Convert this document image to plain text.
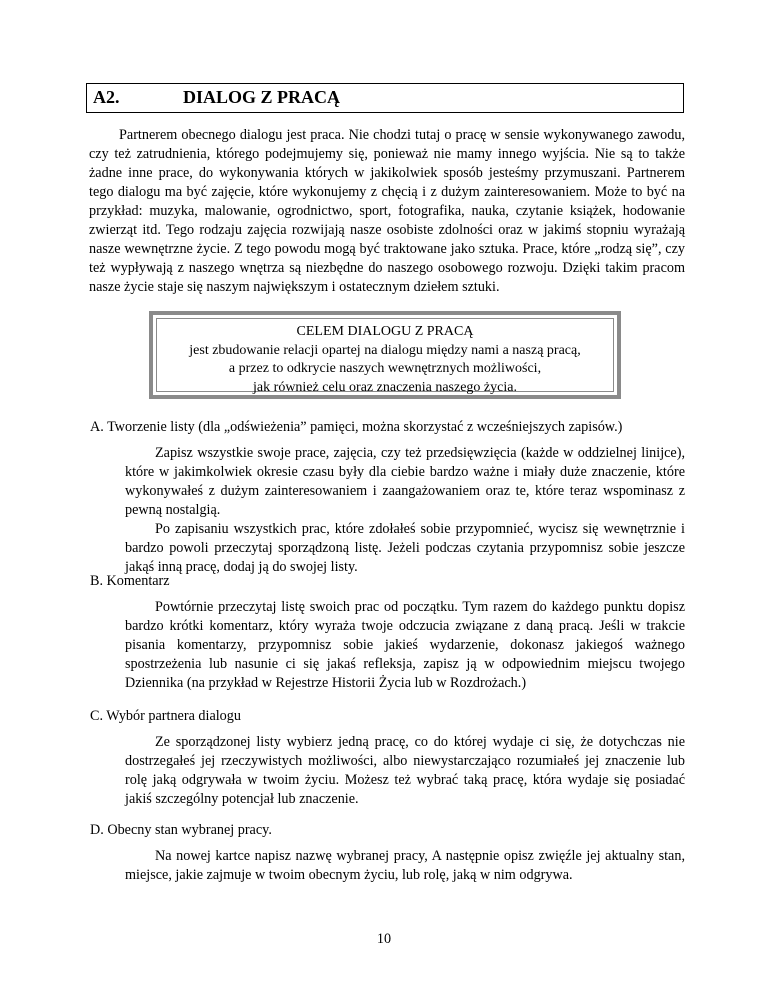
A2.	DIALOG Z PRACĄ

Partnerem obecnego dialogu jest praca. Nie chodzi tutaj o pracę w sensie wykonywanego zawodu, czy też zatrudnienia, którego podejmujemy się, ponieważ nie mamy innego wyjścia. Nie są to także żadne inne prace, do wykonywania których w jakikolwiek sposób jesteśmy przymuszani. Partnerem tego dialogu ma być zajęcie, które wykonujemy z chęcią i z dużym zainteresowaniem. Może to być na przykład: muzyka, malowanie, ogrodnictwo, sport, fotografika, nauka, czytanie książek, hodowanie zwierząt itd. Tego rodzaju zajęcia rozwijają nasze osobiste zdolności oraz w jakimś stopniu wyrażają nasze wewnętrzne życie. Z tego powodu mogą być traktowane jako sztuka. Prace, które „rodzą się”, czy też wypływają z naszego wnętrza są niezbędne do naszego osobowego rozwoju. Dzięki takim pracom nasze życie staje się naszym największym i ostatecznym dziełem sztuki.

CELEM DIALOGU Z PRACĄ
jest zbudowanie relacji opartej na dialogu między nami a naszą pracą,
a przez to odkrycie naszych wewnętrznych możliwości,
jak również celu oraz znaczenia naszego życia.

A. Tworzenie listy (dla „odświeżenia” pamięci, można skorzystać z wcześniejszych zapisów.)

Zapisz wszystkie swoje prace, zajęcia, czy też przedsięwzięcia (każde w oddzielnej linijce), które w jakimkolwiek okresie czasu były dla ciebie bardzo ważne i miały duże znaczenie, które wykonywałeś z dużym zainteresowaniem i zaangażowaniem oraz te, które teraz wspominasz z pewną nostalgią.

Po zapisaniu wszystkich prac, które zdołałeś sobie przypomnieć, wycisz się wewnętrznie i bardzo powoli przeczytaj sporządzoną listę. Jeżeli podczas czytania przypomnisz sobie jeszcze jakąś inną pracę, dodaj ją do swojej listy.

B. Komentarz

Powtórnie przeczytaj listę swoich prac od początku. Tym razem do każdego punktu dopisz bardzo krótki komentarz, który wyraża twoje odczucia związane z daną pracą. Jeśli w trakcie pisania komentarzy, przypomnisz sobie jakieś wydarzenie, dokonasz jakiegoś ważnego spostrzeżenia lub nasunie ci się jakaś refleksja, zapisz ją w odpowiednim miejscu twojego Dziennika (na przykład w Rejestrze Historii Życia lub w Rozdrożach.)

C. Wybór partnera dialogu

Ze sporządzonej listy wybierz jedną pracę, co do której wydaje ci się, że dotychczas nie dostrzegałeś jej rzeczywistych możliwości, albo niewystarczająco rozumiałeś jej znaczenie lub rolę jaką odgrywała w twoim życiu. Możesz też wybrać taką pracę, która wydaje się posiadać jakiś szczególny potencjał lub znaczenie.

D. Obecny stan wybranej pracy.

Na nowej kartce napisz nazwę wybranej pracy, A następnie opisz zwięźle jej aktualny stan, miejsce, jakie zajmuje w twoim obecnym życiu, lub rolę, jaką w nim odgrywa.

10
